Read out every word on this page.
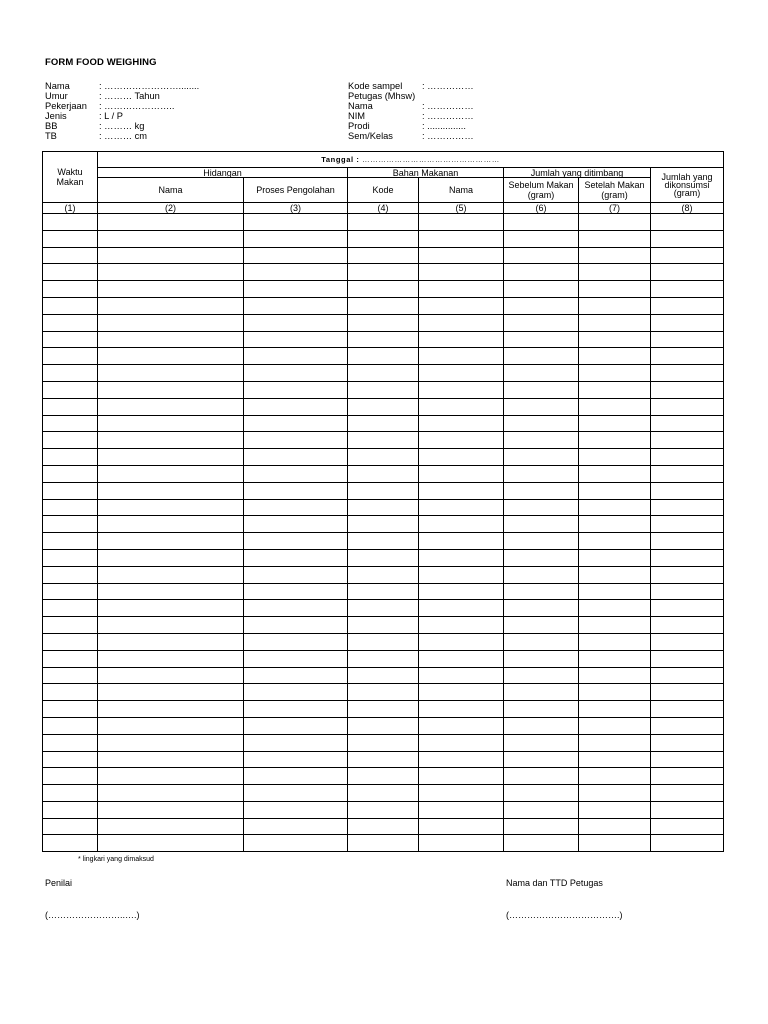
FORM FOOD WEIGHING
Nama	: ……………………........
Umur	: ……… Tahun
Pekerjaan : …………………..
Jenis	: L / P
BB	: ……… kg
TB	: ……… cm
Kode sampel : ……………
Petugas (Mhsw)
Nama	: ……………
NIM	: ……………
Prodi	: ...............
Sem/Kelas	: ……………
Waktu Makan	Tanggal : ……………………………………………						
	Hidangan		Bahan Makanan		Jumlah yang ditimbang		Jumlah yang dikonsumsi (gram)
	Nama	Proses Pengolahan	Kode	Nama	Sebelum Makan (gram)	Setelah Makan (gram)	
(1)	(2)	(3)	(4)	(5)	(6)	(7)	(8)

* lingkari yang dimaksud
Penilai
(……………………..….)
Nama dan TTD Petugas
(……………………………….)
